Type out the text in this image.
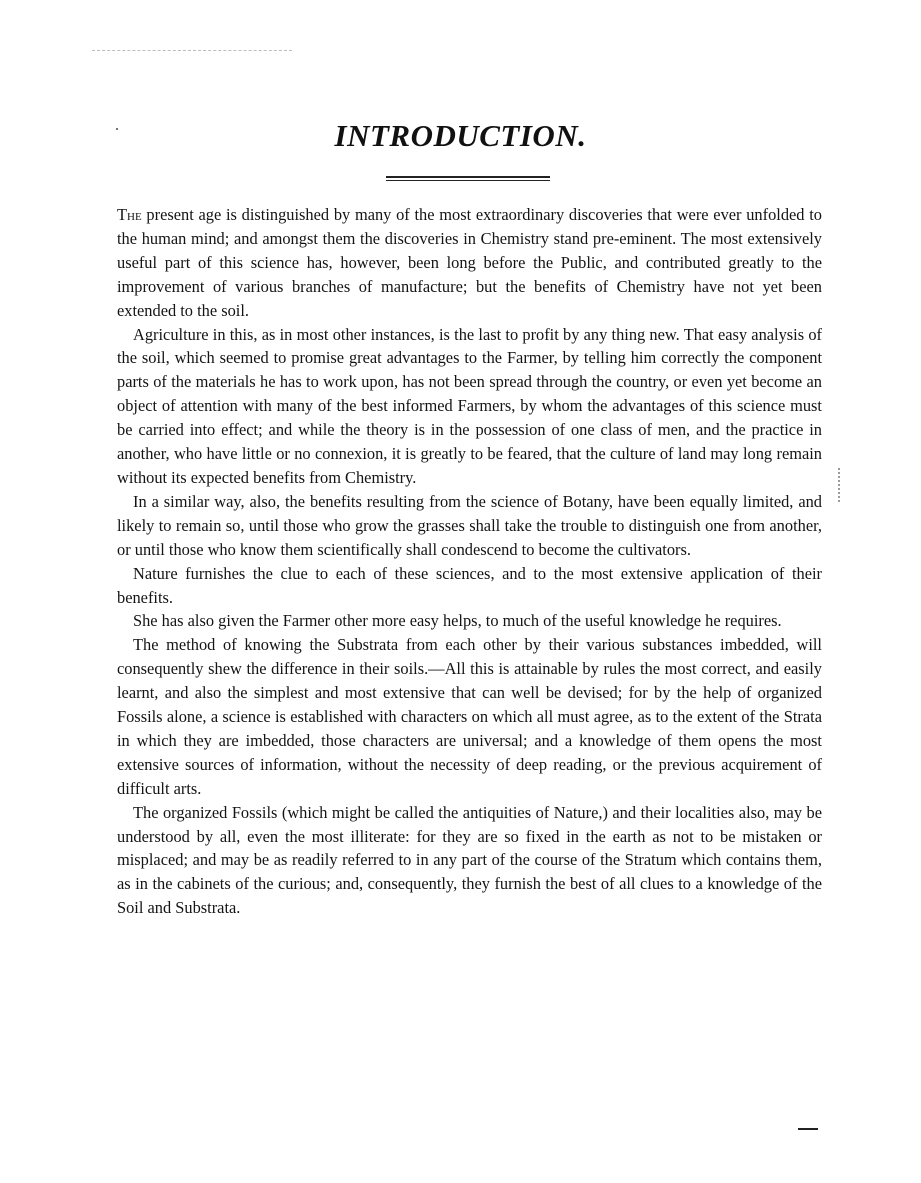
INTRODUCTION.

The present age is distinguished by many of the most extraordinary discoveries that were ever unfolded to the human mind; and amongst them the discoveries in Chemistry stand pre-eminent. The most extensively useful part of this science has, however, been long before the Public, and contributed greatly to the improvement of various branches of manufacture; but the benefits of Chemistry have not yet been extended to the soil.

Agriculture in this, as in most other instances, is the last to profit by any thing new. That easy analysis of the soil, which seemed to promise great advantages to the Farmer, by telling him correctly the component parts of the materials he has to work upon, has not been spread through the country, or even yet become an object of attention with many of the best informed Farmers, by whom the advantages of this science must be carried into effect; and while the theory is in the possession of one class of men, and the practice in another, who have little or no connexion, it is greatly to be feared, that the culture of land may long remain without its expected benefits from Chemistry.

In a similar way, also, the benefits resulting from the science of Botany, have been equally limited, and likely to remain so, until those who grow the grasses shall take the trouble to distinguish one from another, or until those who know them scientifically shall condescend to become the cultivators.

Nature furnishes the clue to each of these sciences, and to the most extensive application of their benefits.

She has also given the Farmer other more easy helps, to much of the useful knowledge he requires.

The method of knowing the Substrata from each other by their various substances imbedded, will consequently shew the difference in their soils.—All this is attainable by rules the most correct, and easily learnt, and also the simplest and most extensive that can well be devised; for by the help of organized Fossils alone, a science is established with characters on which all must agree, as to the extent of the Strata in which they are imbedded, those characters are universal; and a knowledge of them opens the most extensive sources of information, without the necessity of deep reading, or the previous acquirement of difficult arts.

The organized Fossils (which might be called the antiquities of Nature,) and their localities also, may be understood by all, even the most illiterate: for they are so fixed in the earth as not to be mistaken or misplaced; and may be as readily referred to in any part of the course of the Stratum which contains them, as in the cabinets of the curious; and, consequently, they furnish the best of all clues to a knowledge of the Soil and Substrata.
